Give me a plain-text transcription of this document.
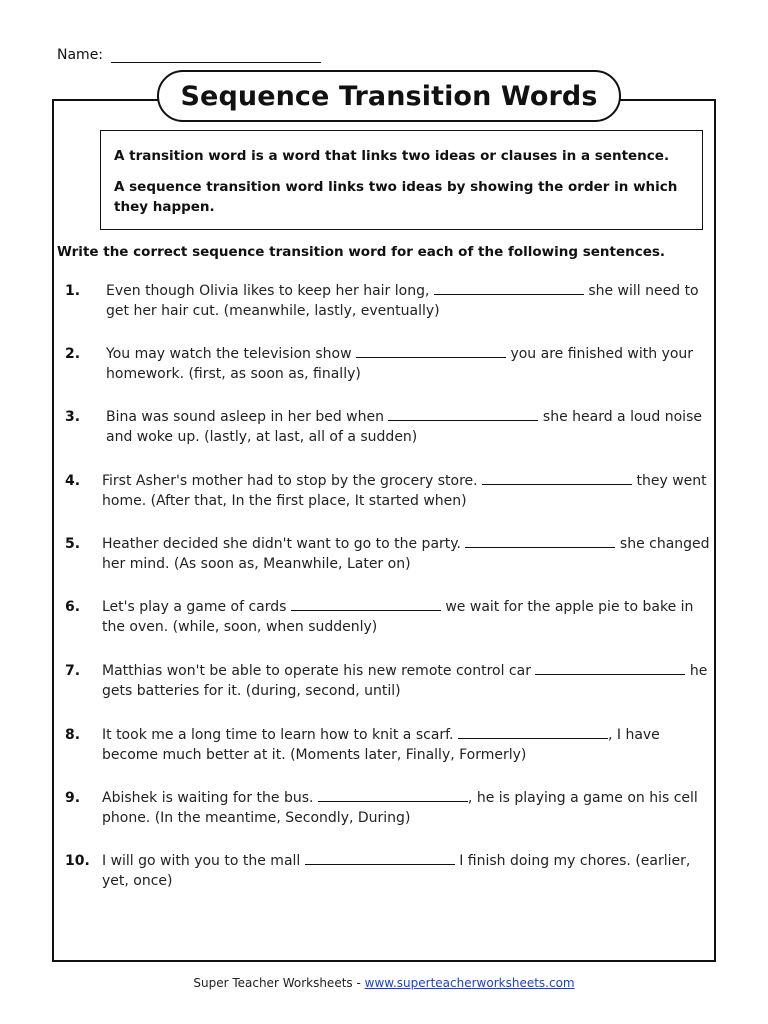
Name:
Sequence Transition Words

A transition word is a word that links two ideas or clauses in a sentence.

A sequence transition word links two ideas by showing the order in which they happen.

Write the correct sequence transition word for each of the following sentences.
1. Even though Olivia likes to keep her hair long,	she will need to get her hair cut. (meanwhile, lastly, eventually)
2. You may watch the television show	you are finished with your homework. (first, as soon as, finally)
3. Bina was sound asleep in her bed when	she heard a loud noise and woke up. (lastly, at last, all of a sudden)
4. First Asher's mother had to stop by the grocery store.	they went home. (After that, In the first place, It started when)
5. Heather decided she didn't want to go to the party.	she changed her mind. (As soon as, Meanwhile, Later on)
6. Let's play a game of cards	we wait for the apple pie to bake in the oven. (while, soon, when suddenly)
7. Matthias won't be able to operate his new remote control car	he gets batteries for it. (during, second, until)
8. It took me a long time to learn how to knit a scarf.	, I have become much better at it. (Moments later, Finally, Formerly)
9. Abishek is waiting for the bus.	, he is playing a game on his cell phone. (In the meantime, Secondly, During)
10. I will go with you to the mall	I finish doing my chores. (earlier, yet, once)
Super Teacher Worksheets - www.superteacherworksheets.com
